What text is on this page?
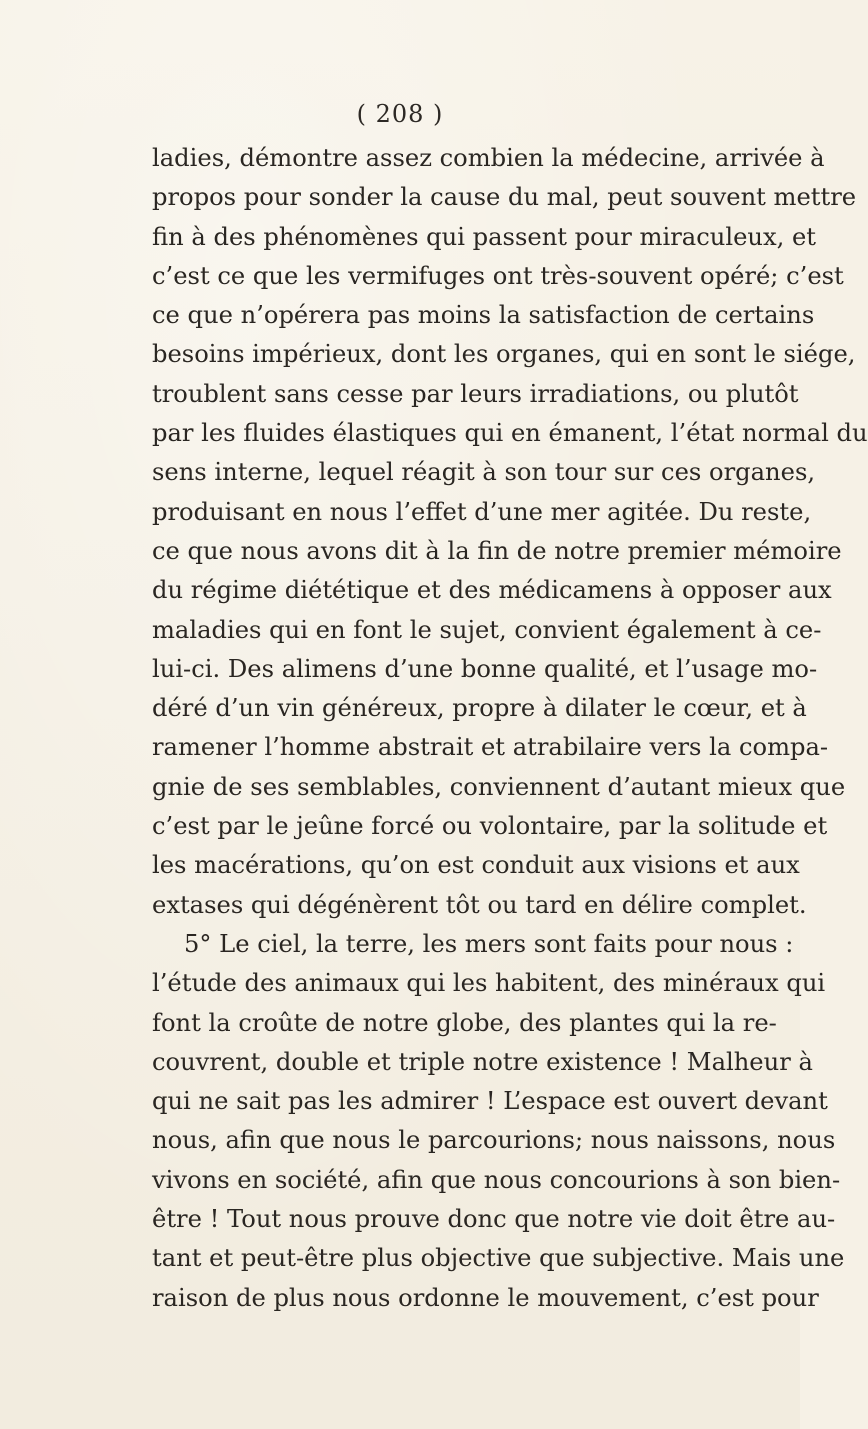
( 208 )
ladies, démontre assez combien la médecine, arrivée à
propos pour sonder la cause du mal, peut souvent mettre
fin à des phénomènes qui passent pour miraculeux, et
c’est ce que les vermifuges ont très-souvent opéré; c’est
ce que n’opérera pas moins la satisfaction de certains
besoins impérieux, dont les organes, qui en sont le siége,
troublent sans cesse par leurs irradiations, ou plutôt
par les fluides élastiques qui en émanent, l’état normal du
sens interne, lequel réagit à son tour sur ces organes,
produisant en nous l’effet d’une mer agitée. Du reste,
ce que nous avons dit à la fin de notre premier mémoire
du régime diététique et des médicamens à opposer aux
maladies qui en font le sujet, convient également à ce-
lui-ci. Des alimens d’une bonne qualité, et l’usage mo-
déré d’un vin généreux, propre à dilater le cœur, et à
ramener l’homme abstrait et atrabilaire vers la compa-
gnie de ses semblables, conviennent d’autant mieux que
c’est par le jeûne forcé ou volontaire, par la solitude et
les macérations, qu’on est conduit aux visions et aux
extases qui dégénèrent tôt ou tard en délire complet.
5° Le ciel, la terre, les mers sont faits pour nous :
l’étude des animaux qui les habitent, des minéraux qui
font la croûte de notre globe, des plantes qui la re-
couvrent, double et triple notre existence ! Malheur à
qui ne sait pas les admirer ! L’espace est ouvert devant
nous, afin que nous le parcourions; nous naissons, nous
vivons en société, afin que nous concourions à son bien-
être ! Tout nous prouve donc que notre vie doit être au-
tant et peut-être plus objective que subjective. Mais une
raison de plus nous ordonne le mouvement, c’est pour
